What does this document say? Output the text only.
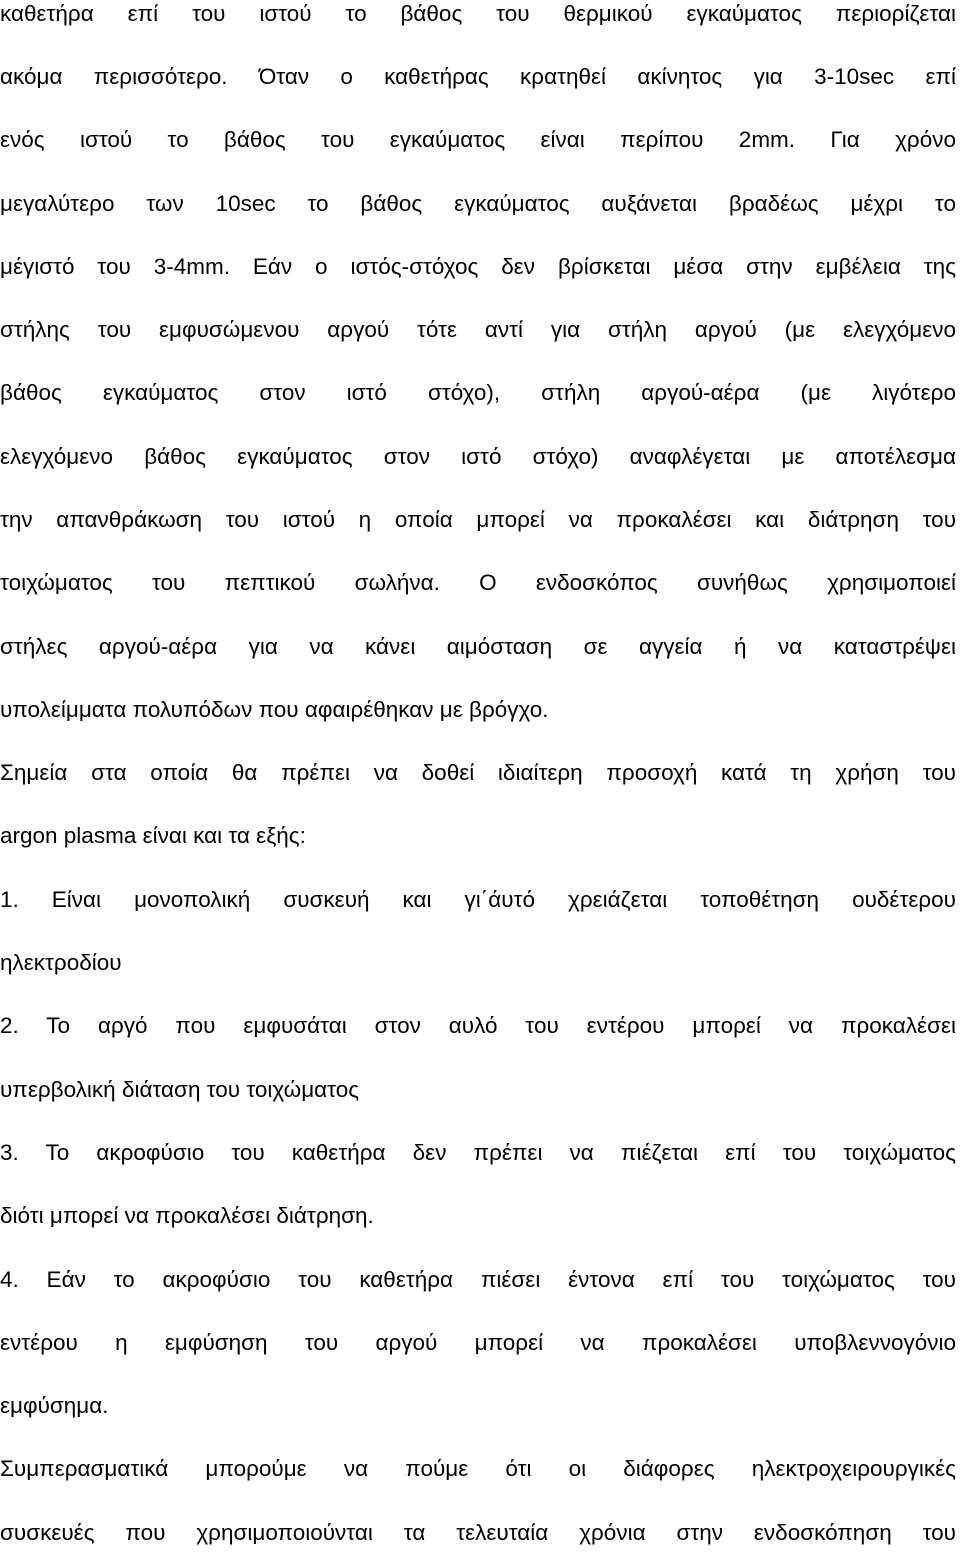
καθετήρα επί του ιστού το βάθος του θερμικού εγκαύματος περιορίζεται
ακόμα περισσότερο. Όταν ο καθετήρας κρατηθεί ακίνητος για 3-10sec επί
ενός ιστού το βάθος του εγκαύματος είναι περίπου 2mm. Για χρόνο
μεγαλύτερο των 10sec το βάθος εγκαύματος αυξάνεται βραδέως μέχρι το
μέγιστό του 3-4mm. Εάν ο ιστός-στόχος δεν βρίσκεται μέσα στην εμβέλεια της
στήλης του εμφυσώμενου αργού τότε αντί για στήλη αργού (με ελεγχόμενο
βάθος εγκαύματος στον ιστό στόχο), στήλη αργού-αέρα (με λιγότερο
ελεγχόμενο βάθος εγκαύματος στον ιστό στόχο) αναφλέγεται με αποτέλεσμα
την απανθράκωση του ιστού η οποία μπορεί να προκαλέσει και διάτρηση του
τοιχώματος του πεπτικού σωλήνα. Ο ενδοσκόπος συνήθως χρησιμοποιεί
στήλες αργού-αέρα για να κάνει αιμόσταση σε αγγεία ή να καταστρέψει
υπολείμματα πολυπόδων που αφαιρέθηκαν με βρόγχο.
Σημεία στα οποία θα πρέπει να δοθεί ιδιαίτερη προσοχή κατά τη χρήση του
argon plasma είναι και τα εξής:
1. Είναι μονοπολική συσκευή και γι΄άυτό χρειάζεται τοποθέτηση ουδέτερου
ηλεκτροδίου
2. Το αργό που εμφυσάται στον αυλό του εντέρου μπορεί να προκαλέσει
υπερβολική διάταση του τοιχώματος
3. Το ακροφύσιο του καθετήρα δεν πρέπει να πιέζεται επί του τοιχώματος
διότι μπορεί να προκαλέσει διάτρηση.
4. Εάν το ακροφύσιο του καθετήρα πιέσει έντονα επί του τοιχώματος του
εντέρου η εμφύσηση του αργού μπορεί να προκαλέσει υποβλεννογόνιο
εμφύσημα.
Συμπερασματικά μπορούμε να πούμε ότι οι διάφορες ηλεκτροχειρουργικές
συσκευές που χρησιμοποιούνται τα τελευταία χρόνια στην ενδοσκόπηση του
